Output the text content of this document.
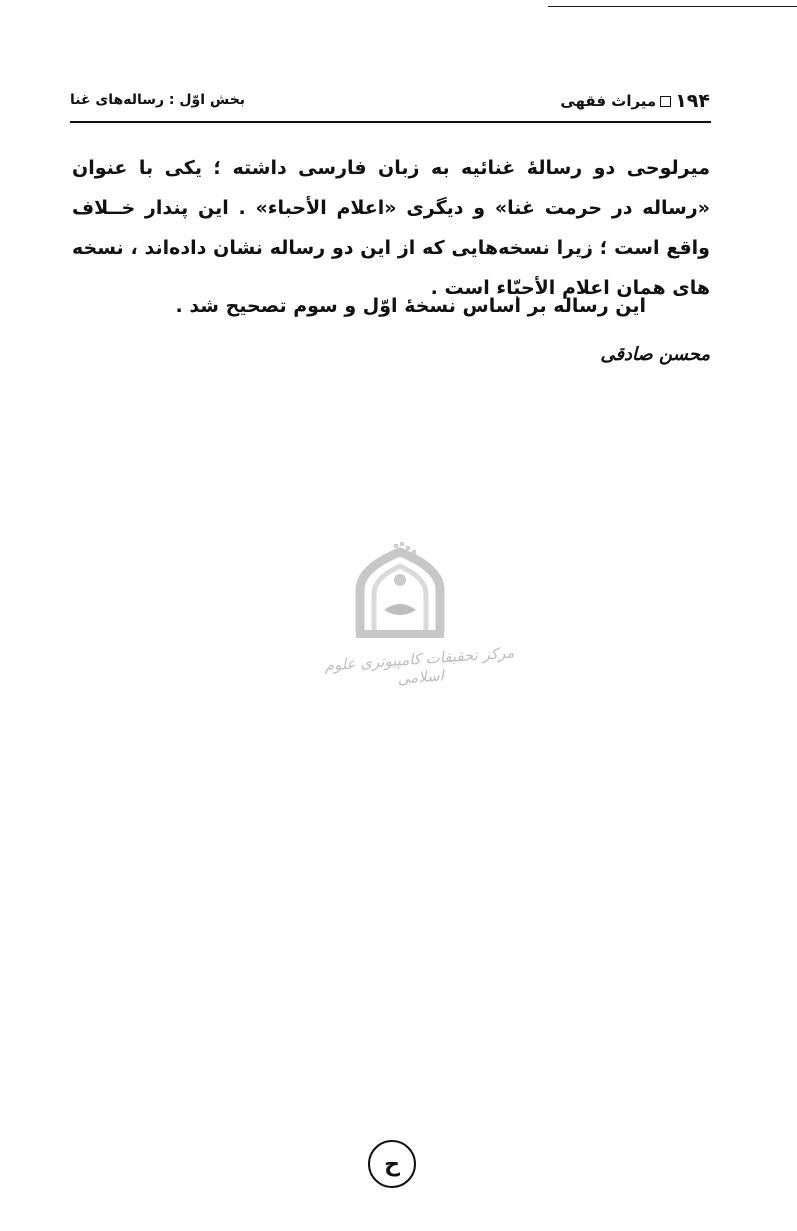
۱۹۴
میراث فقهی
بخش اوّل : رساله‌های غنا

میرلوحی دو رسالۀ غنائیه به زبان فارسی داشته ؛ یکی با عنوان «رساله در حرمت غنا» و دیگری «اعلام الأحباء» . این پندار خــلاف واقع است ؛ زیرا نسخه‌هایی که از این دو رساله نشان داده‌اند ، نسخه های همان اعلام الأحبّاء است .

این رساله بر اساس نسخۀ اوّل و سوم تصحیح شد .
محسن صادقی
مرکز تحقیقات کامپیوتری علوم اسلامی
ح
